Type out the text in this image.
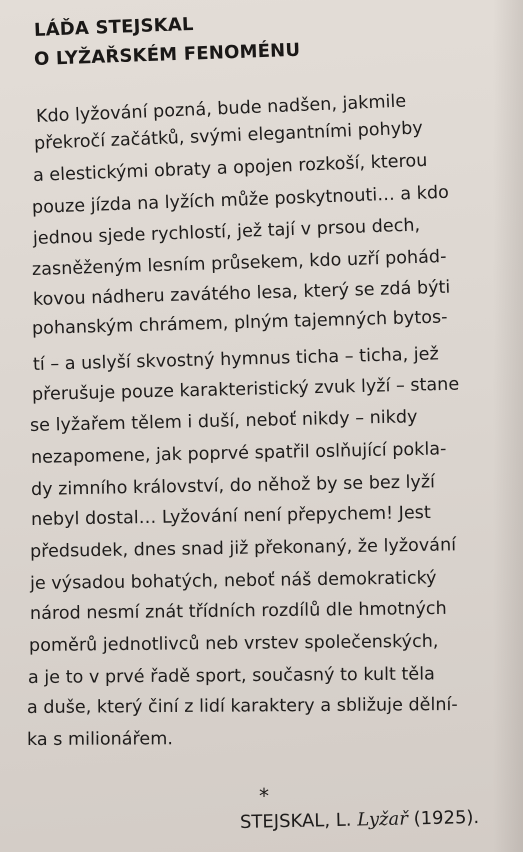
LÁĎA STEJSKAL
O LYŽAŘSKÉM FENOMÉNU
Kdo lyžování pozná, bude nadšen, jakmile
překročí začátků, svými elegantními pohyby
a elestickými obraty a opojen rozkoší, kterou
pouze jízda na lyžích může poskytnouti… a kdo
jednou sjede rychlostí, jež tají v prsou dech,
zasněženým lesním průsekem, kdo uzří pohád-
kovou nádheru zavátého lesa, který se zdá býti
pohanským chrámem, plným tajemných bytos-
tí – a uslyší skvostný hymnus ticha – ticha, jež
přerušuje pouze karakteristický zvuk lyží – stane
se lyžařem tělem i duší, neboť nikdy – nikdy
nezapomene, jak poprvé spatřil oslňující pokla-
dy zimního království, do něhož by se bez lyží
nebyl dostal… Lyžování není přepychem! Jest
předsudek, dnes snad již překonaný, že lyžování
je výsadou bohatých, neboť náš demokratický
národ nesmí znát třídních rozdílů dle hmotných
poměrů jednotlivců neb vrstev společenských,
a je to v prvé řadě sport, současný to kult těla
a duše, který činí z lidí karaktery a sbližuje dělní-
ka s milionářem.
*
STEJSKAL, L. Lyžař (1925).
